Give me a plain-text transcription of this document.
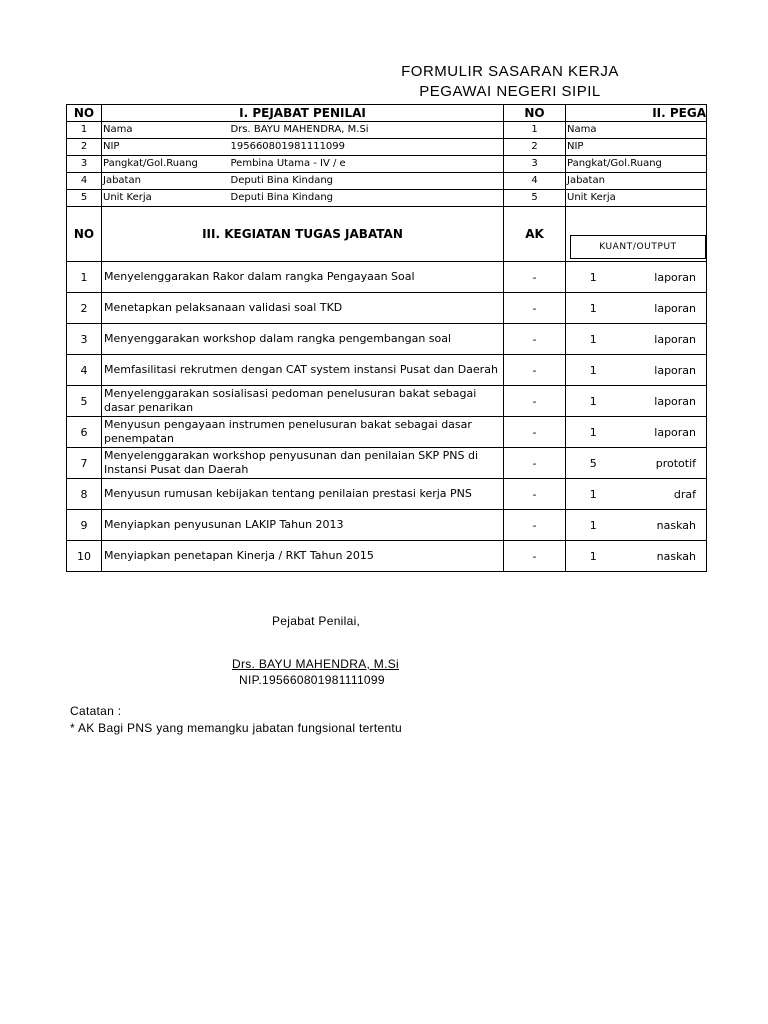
FORMULIR SASARAN KERJA
PEGAWAI NEGERI SIPIL
NO	I. PEJABAT PENILAI		NO	II. PEGA	
1	Nama	Drs. BAYU MAHENDRA, M.Si	1	Nama	
2	NIP	195660801981111099	2	NIP	
3	Pangkat/Gol.Ruang	Pembina Utama - IV / e	3	Pangkat/Gol.Ruang	
4	Jabatan	Deputi Bina Kindang	4	Jabatan	
5	Unit Kerja	Deputi Bina Kindang	5	Unit Kerja	
NO	III. KEGIATAN TUGAS JABATAN		AK	KUANT/OUTPUT	

1	Menyelenggarakan Rakor dalam rangka Pengayaan Soal		-	1	laporan
2	Menetapkan pelaksanaan validasi soal TKD		-	1	laporan
3	Menyenggarakan workshop dalam rangka pengembangan soal		-	1	laporan
4	Memfasilitasi rekrutmen dengan CAT system instansi Pusat dan Daerah		-	1	laporan
5	Menyelenggarakan sosialisasi pedoman penelusuran bakat sebagai dasar penarikan		-	1	laporan
6	Menyusun pengayaan instrumen penelusuran bakat sebagai dasar penempatan		-	1	laporan
7	Menyelenggarakan workshop penyusunan dan penilaian SKP PNS di Instansi Pusat dan Daerah		-	5	prototif
8	Menyusun rumusan kebijakan tentang penilaian prestasi kerja PNS		-	1	draf
9	Menyiapkan penyusunan LAKIP Tahun 2013		-	1	naskah
10	Menyiapkan penetapan Kinerja / RKT Tahun 2015		-	1	naskah
Pejabat Penilai,
Drs. BAYU MAHENDRA, M.Si
NIP.195660801981111099
Catatan :
* AK Bagi PNS yang memangku jabatan fungsional tertentu
